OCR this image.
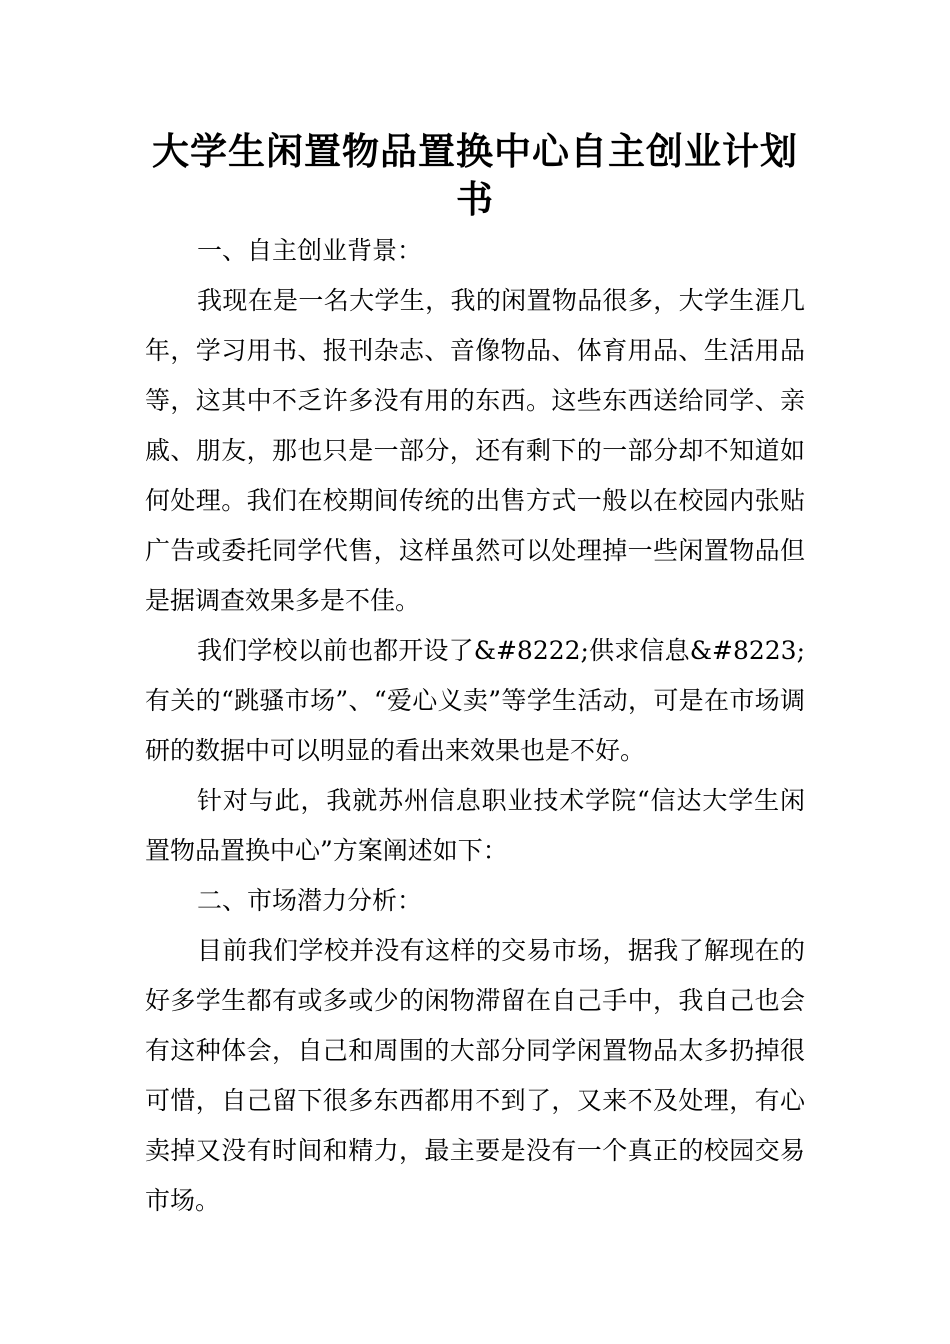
大学生闲置物品置换中心自主创业计划书

一、自主创业背景：

我现在是一名大学生，我的闲置物品很多，大学生涯几年，学习用书、报刊杂志、音像物品、体育用品、生活用品等，这其中不乏许多没有用的东西。这些东西送给同学、亲戚、朋友，那也只是一部分，还有剩下的一部分却不知道如何处理。我们在校期间传统的出售方式一般以在校园内张贴广告或委托同学代售，这样虽然可以处理掉一些闲置物品但是据调查效果多是不佳。

我们学校以前也都开设了&#8222;供求信息&#8223;有关的“跳骚市场”、“爱心义卖”等学生活动，可是在市场调研的数据中可以明显的看出来效果也是不好。

针对与此，我就苏州信息职业技术学院“信达大学生闲置物品置换中心”方案阐述如下：

二、市场潜力分析：

目前我们学校并没有这样的交易市场，据我了解现在的好多学生都有或多或少的闲物滞留在自己手中，我自己也会有这种体会，自己和周围的大部分同学闲置物品太多扔掉很可惜，自己留下很多东西都用不到了，又来不及处理，有心卖掉又没有时间和精力，最主要是没有一个真正的校园交易市场。
